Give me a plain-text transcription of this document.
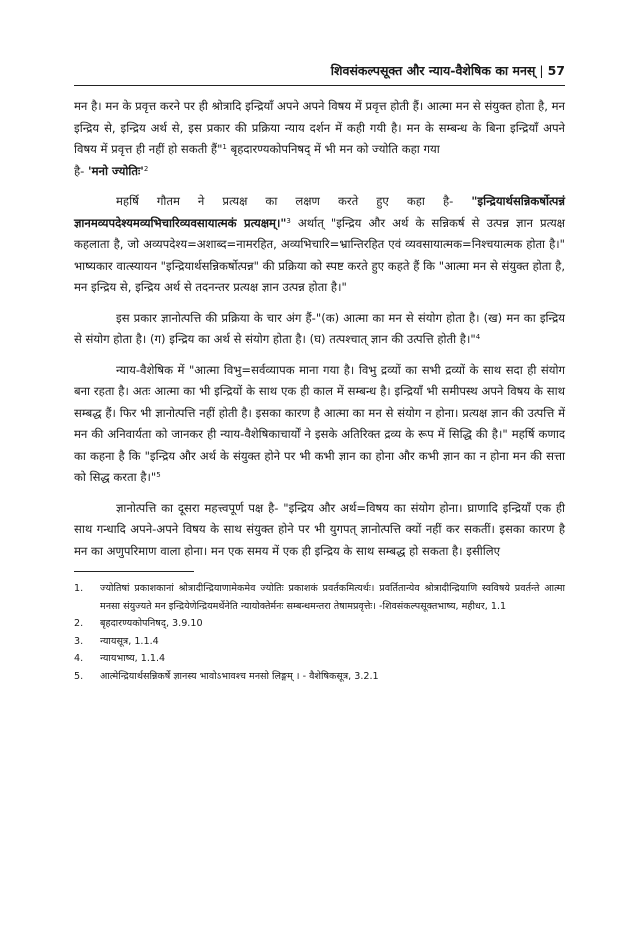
शिवसंकल्पसूक्त और न्याय-वैशेषिक का मनस् | 57

मन है। मन के प्रवृत्त करने पर ही श्रोत्रादि इन्द्रियाँ अपने अपने विषय में प्रवृत्त होती हैं। आत्मा मन से संयुक्त होता है, मन इन्द्रिय से, इन्द्रिय अर्थ से, इस प्रकार की प्रक्रिया न्याय दर्शन में कही गयी है। मन के सम्बन्ध के बिना इन्द्रियाँ अपने विषय में प्रवृत्त ही नहीं हो सकती हैं"$^1$ बृहदारण्यकोपनिषद् में भी मन को ज्योति कहा गया

है- 'मनो $ज्योतिः'^2$

महर्षि गौतम ने प्रत्यक्ष का लक्षण करते हुए कहा है- "इन्द्रियार्थसन्निकर्षोत्पन्नं ज्ञानमव्यपदेश्यमव्यभिचारिव्यवसायात्मकं प्रत्यक्षम्।"$^3$ अर्थात् "इन्द्रिय और अर्थ के सन्निकर्ष से उत्पन्न ज्ञान प्रत्यक्ष कहलाता है, जो अव्यपदेश्य=अशाब्द=नामरहित, अव्यभिचारि=भ्रान्तिरहित एवं व्यवसायात्मक=निश्चयात्मक होता है।" भाष्यकार वात्स्यायन "इन्द्रियार्थसन्निकर्षोत्पन्न" की प्रक्रिया को स्पष्ट करते हुए कहते हैं कि "आत्मा मन से संयुक्त होता है, मन इन्द्रिय से, इन्द्रिय अर्थ से तदनन्तर प्रत्यक्ष ज्ञान उत्पन्न होता है।"

इस प्रकार ज्ञानोत्पत्ति की प्रक्रिया के चार अंग हैं-"(क) आत्मा का मन से संयोग होता है। (ख) मन का इन्द्रिय से संयोग होता है। (ग) इन्द्रिय का अर्थ से संयोग होता है। (घ) तत्पश्चात् ज्ञान की उत्पत्ति होती है।"$^4$

न्याय-वैशेषिक में "आत्मा विभु=सर्वव्यापक माना गया है। विभु द्रव्यों का सभी द्रव्यों के साथ सदा ही संयोग बना रहता है। अतः आत्मा का भी इन्द्रियों के साथ एक ही काल में सम्बन्ध है। इन्द्रियाँ भी समीपस्थ अपने विषय के साथ सम्बद्ध हैं। फिर भी ज्ञानोत्पत्ति नहीं होती है। इसका कारण है आत्मा का मन से संयोग न होना। प्रत्यक्ष ज्ञान की उत्पत्ति में मन की अनिवार्यता को जानकर ही न्याय-वैशेषिकाचार्यों ने इसके अतिरिक्त द्रव्य के रूप में सिद्धि की है।" महर्षि कणाद का कहना है कि "इन्द्रिय और अर्थ के संयुक्त होने पर भी कभी ज्ञान का होना और कभी ज्ञान का न होना मन की सत्ता को सिद्ध करता है।"$^5$

ज्ञानोत्पत्ति का दूसरा महत्त्वपूर्ण पक्ष है- "इन्द्रिय और अर्थ=विषय का संयोग होना। घ्राणादि इन्द्रियाँ एक ही साथ गन्धादि अपने-अपने विषय के साथ संयुक्त होने पर भी युगपत् ज्ञानोत्पत्ति क्यों नहीं कर सकतीं। इसका कारण है मन का अणुपरिमाण वाला होना। मन एक समय में एक ही इन्द्रिय के साथ सम्बद्ध हो सकता है। इसीलिए

1.	ज्योतिषां प्रकाशकानां श्रोत्रादीन्द्रियाणामेकमेव ज्योतिः प्रकाशकं प्रवर्तकमित्यर्थः। प्रवर्तितान्येव श्रोत्रादीन्द्रियाणि स्वविषये प्रवर्तन्ते आत्मा मनसा संयुज्यते मन इन्द्रियेणेन्द्रियमर्थेनेति न्यायोक्तेर्मनः सम्बन्धमन्तरा तेषामप्रवृत्तेः। -शिवसंकल्पसूक्तभाष्य, महीधर, 1.1
2.	बृहदारण्यकोपनिषद्, 3.9.10
3.	न्यायसूत्र, 1.1.4
4.	न्यायभाष्य, 1.1.4
5.	आत्मेन्द्रियार्थसन्निकर्षे ज्ञानस्य भावोऽभावश्च मनसो लिङ्गम् । - वैशेषिकसूत्र, 3.2.1
